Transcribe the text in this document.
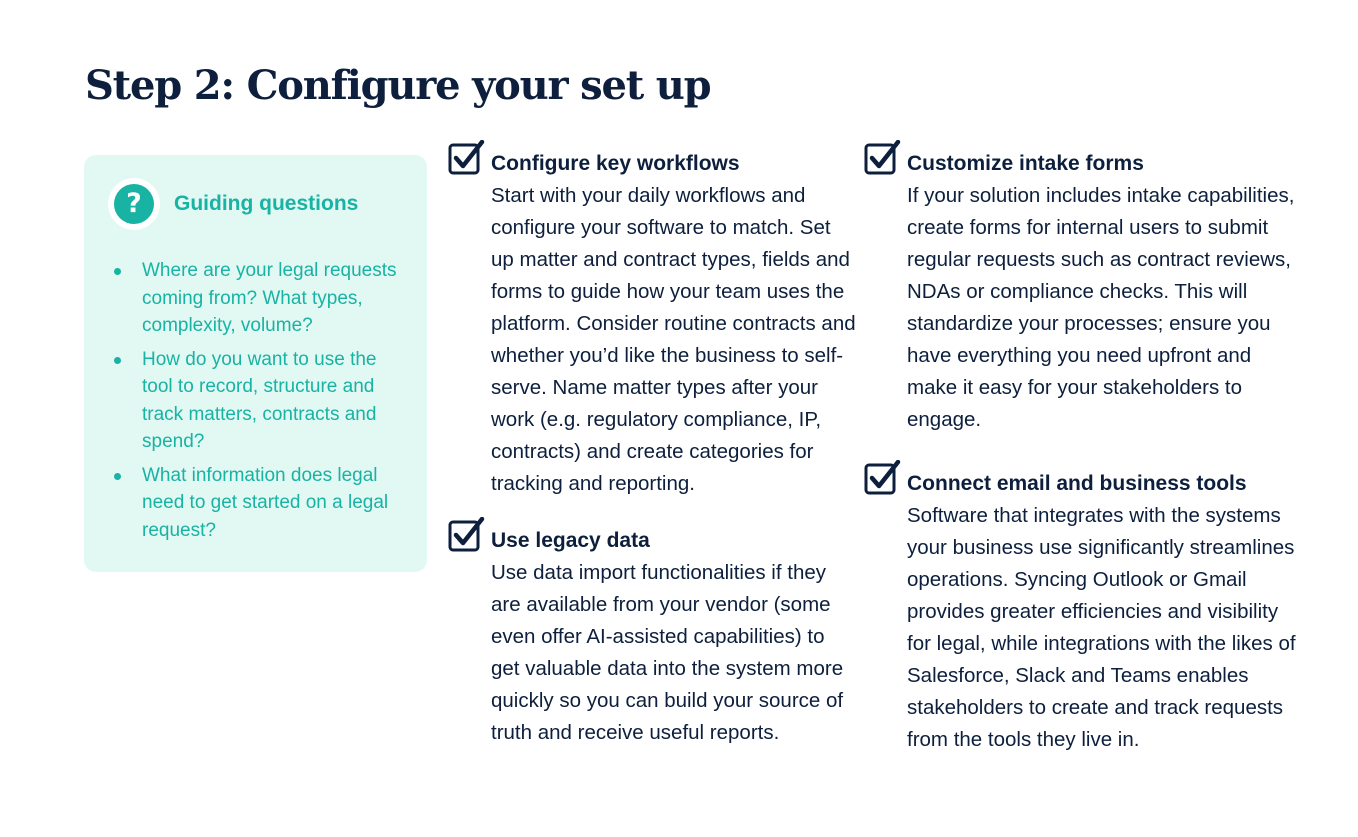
Step 2: Configure your set up
?	Guiding questions
Where are your legal requests coming from? What types, complexity, volume?
How do you want to use the tool to record, structure and track matters, contracts and spend?
What information does legal need to get started on a legal request?
Configure key workflows

Start with your daily workflows and configure your software to match. Set up matter and contract types, fields and forms to guide how your team uses the platform. Consider routine contracts and whether you’d like the business to self-serve. Name matter types after your work (e.g. regulatory compliance, IP, contracts) and create categories for tracking and reporting.

Use legacy data

Use data import functionalities if they are available from your vendor (some even offer AI-assisted capabilities) to get valuable data into the system more quickly so you can build your source of truth and receive useful reports.

Customize intake forms

If your solution includes intake capabilities, create forms for internal users to submit regular requests such as contract reviews, NDAs or compliance checks. This will standardize your processes; ensure you have everything you need upfront and make it easy for your stakeholders to engage.

Connect email and business tools

Software that integrates with the systems your business use significantly streamlines operations. Syncing Outlook or Gmail provides greater efficiencies and visibility for legal, while integrations with the likes of Salesforce, Slack and Teams enables stakeholders to create and track requests from the tools they live in.
